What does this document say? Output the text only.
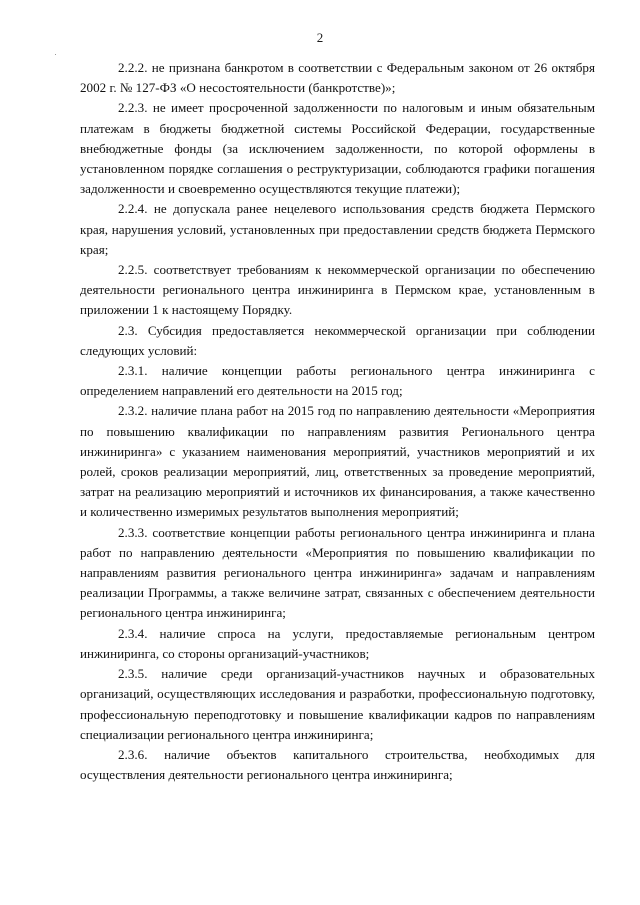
2

2.2.2. не признана банкротом в соответствии с Федеральным законом от 26 октября 2002 г. № 127-ФЗ «О несостоятельности (банкротстве)»;

2.2.3. не имеет просроченной задолженности по налоговым и иным обязательным платежам в бюджеты бюджетной системы Российской Федерации, государственные внебюджетные фонды (за исключением задолженности, по которой оформлены в установленном порядке соглашения о реструктуризации, соблюдаются графики погашения задолженности и своевременно осуществляются текущие платежи);

2.2.4. не допускала ранее нецелевого использования средств бюджета Пермского края, нарушения условий, установленных при предоставлении средств бюджета Пермского края;

2.2.5. соответствует требованиям к некоммерческой организации по обеспечению деятельности регионального центра инжиниринга в Пермском крае, установленным в приложении 1 к настоящему Порядку.

2.3. Субсидия предоставляется некоммерческой организации при соблюдении следующих условий:

2.3.1. наличие концепции работы регионального центра инжиниринга с определением направлений его деятельности на 2015 год;

2.3.2. наличие плана работ на 2015 год по направлению деятельности «Мероприятия по повышению квалификации по направлениям развития Регионального центра инжиниринга» с указанием наименования мероприятий, участников мероприятий и их ролей, сроков реализации мероприятий, лиц, ответственных за проведение мероприятий, затрат на реализацию мероприятий и источников их финансирования, а также качественно и количественно измеримых результатов выполнения мероприятий;

2.3.3. соответствие концепции работы регионального центра инжиниринга и плана работ по направлению деятельности «Мероприятия по повышению квалификации по направлениям развития регионального центра инжиниринга» задачам и направлениям реализации Программы, а также величине затрат, связанных с обеспечением деятельности регионального центра инжиниринга;

2.3.4. наличие спроса на услуги, предоставляемые региональным центром инжиниринга, со стороны организаций-участников;

2.3.5. наличие среди организаций-участников научных и образовательных организаций, осуществляющих исследования и разработки, профессиональную подготовку, профессиональную переподготовку и повышение квалификации кадров по направлениям специализации регионального центра инжиниринга;

2.3.6. наличие объектов капитального строительства, необходимых для осуществления деятельности регионального центра инжиниринга;
